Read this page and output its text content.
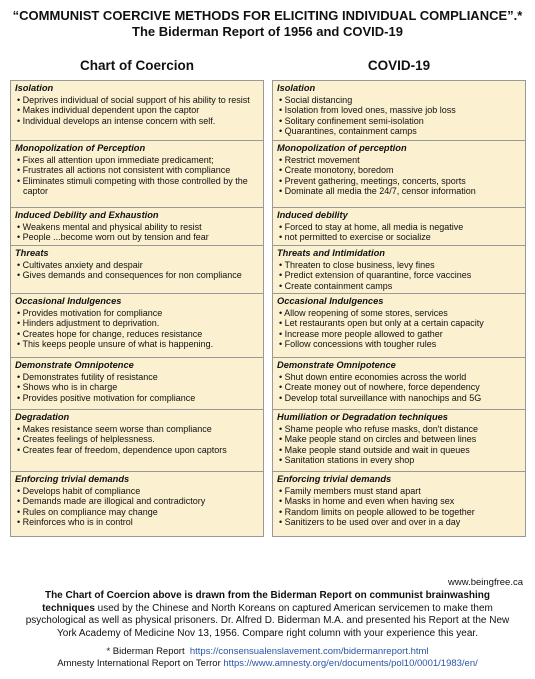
“COMMUNIST COERCIVE METHODS FOR ELICITING INDIVIDUAL COMPLIANCE”.*
The Biderman Report of 1956 and COVID-19
Chart of Coercion	COVID-19
Isolation
• Deprives individual of social support of his ability to resist
• Makes individual dependent upon the captor
• Individual develops an intense concern with self.
Monopolization of Perception
• Fixes all attention upon immediate predicament;
• Frustrates all actions not consistent with compliance
• Eliminates stimuli competing with those controlled by the captor
Induced Debility and Exhaustion
• Weakens mental and physical ability to resist
• People ...become worn out by tension and fear
Threats
• Cultivates anxiety and despair
• Gives demands and consequences for non compliance
Occasional Indulgences
• Provides motivation for compliance
• Hinders adjustment to deprivation.
• Creates hope for change, reduces resistance
• This keeps people unsure of what is happening.
Demonstrate Omnipotence
• Demonstrates futility of resistance
• Shows who is in charge
• Provides positive motivation for compliance
Degradation
• Makes resistance seem worse than compliance
• Creates feelings of helplessness.
• Creates fear of freedom, dependence upon captors
Enforcing trivial demands
• Develops habit of compliance
• Demands made are illogical and contradictory
• Rules on compliance may change
• Reinforces who is in control
Isolation
• Social distancing
• Isolation from loved ones, massive job loss
• Solitary confinement semi-isolation
• Quarantines, containment camps
Monopolization of perception
• Restrict movement
• Create monotony, boredom
• Prevent gathering, meetings, concerts, sports
• Dominate all media the 24/7, censor information
Induced debility
• Forced to stay at home, all media is negative
• not permitted to exercise or socialize
Threats and Intimidation
• Threaten to close business, levy fines
• Predict extension of quarantine, force vaccines
• Create containment camps
Occasional Indulgences
• Allow reopening of some stores, services
• Let restaurants open but only at a certain capacity
• Increase more people allowed to gather
• Follow concessions with tougher rules
Demonstrate Omnipotence
• Shut down entire economies across the world
• Create money out of nowhere, force dependency
• Develop total surveillance with nanochips and 5G
Humiliation or Degradation techniques
• Shame people who refuse masks, don't distance
• Make people stand on circles and between lines
• Make people stand outside and wait in queues
• Sanitation stations in every shop
Enforcing trivial demands
• Family members must stand apart
• Masks in home and even when having sex
• Random limits on people allowed to be together
• Sanitizers to be used over and over in a day
www.beingfree.ca
The Chart of Coercion above is drawn from the Biderman Report on communist brainwashing techniques used by the Chinese and North Koreans on captured American servicemen to make them psychological as well as physical prisoners. Dr. Alfred D. Biderman M.A. and presented his Report at the New York Academy of Medicine Nov 13, 1956. Compare right column with your experience this year.
* Biderman Report https://consensualenslavement.com/bidermanreport.html
Amnesty International Report on Terror https://www.amnesty.org/en/documents/pol10/0001/1983/en/
